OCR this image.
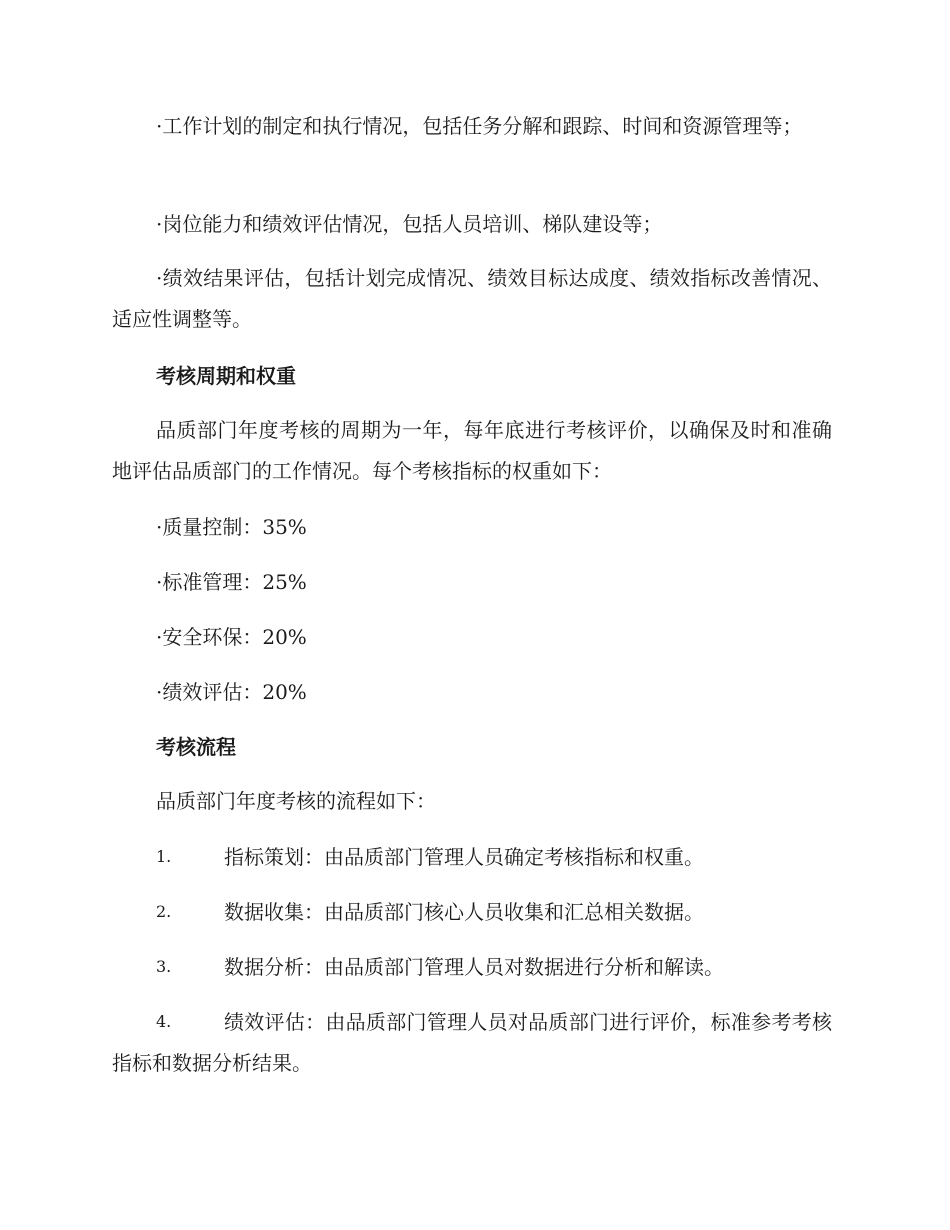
·工作计划的制定和执行情况，包括任务分解和跟踪、时间和资源管理等；
·岗位能力和绩效评估情况，包括人员培训、梯队建设等；
·绩效结果评估，包括计划完成情况、绩效目标达成度、绩效指标改善情况、适应性调整等。
考核周期和权重
品质部门年度考核的周期为一年，每年底进行考核评价，以确保及时和准确地评估品质部门的工作情况。每个考核指标的权重如下：
·质量控制：35%
·标准管理：25%
·安全环保：20%
·绩效评估：20%
考核流程
品质部门年度考核的流程如下：
1.	指标策划：由品质部门管理人员确定考核指标和权重。
2.	数据收集：由品质部门核心人员收集和汇总相关数据。
3.	数据分析：由品质部门管理人员对数据进行分析和解读。
4.	绩效评估：由品质部门管理人员对品质部门进行评价，标准参考考核指标和数据分析结果。
